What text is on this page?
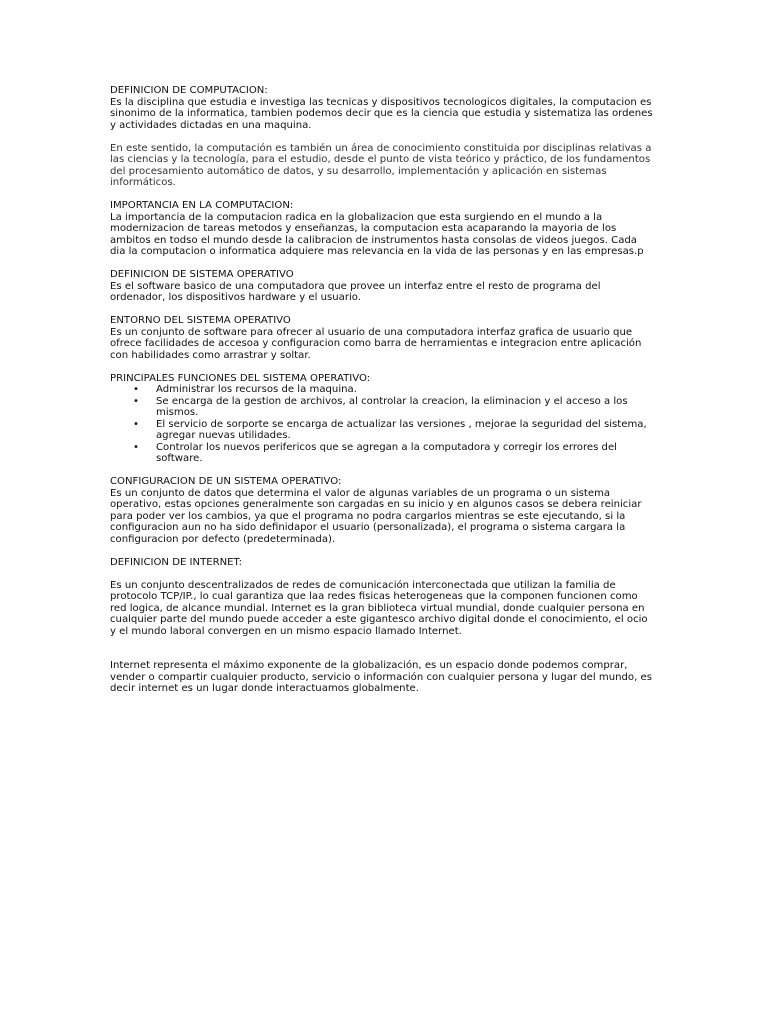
DEFINICION DE COMPUTACION:
Es la disciplina que estudia e investiga las tecnicas y dispositivos tecnologicos digitales, la computacion es sinonimo de la informatica, tambien podemos decir que es la ciencia que estudia y sistematiza las ordenes y actividades dictadas en una maquina.

En este sentido, la computación es también un área de conocimiento constituida por disciplinas relativas a las ciencias y la tecnología, para el estudio, desde el punto de vista teórico y práctico, de los fundamentos del procesamiento automático de datos, y su desarrollo, implementación y aplicación en sistemas informáticos.

IMPORTANCIA EN LA COMPUTACION:
La importancia de la computacion radica en la globalizacion que esta surgiendo en el mundo a la modernizacion de tareas metodos y enseñanzas, la computacion esta acaparando la mayoria de los ambitos en todso el mundo desde la calibracion de instrumentos hasta consolas de videos juegos. Cada dia la computacion o informatica adquiere mas relevancia en la vida de las personas y en las empresas.p

DEFINICION DE SISTEMA OPERATIVO
Es el software basico de una computadora que provee un interfaz entre el resto de programa del ordenador, los dispositivos hardware y el usuario.

ENTORNO DEL SISTEMA OPERATIVO
Es un conjunto de software para ofrecer al usuario de una computadora interfaz grafica de usuario que ofrece facilidades de accesoa y configuracion como barra de herramientas e integracion entre aplicación con habilidades como arrastrar y soltar.

PRINCIPALES FUNCIONES DEL SISTEMA OPERATIVO:

• Administrar los recursos de la maquina.
• Se encarga de la gestion de archivos, al controlar la creacion, la eliminacion y el acceso a los mismos.
• El servicio de sorporte se encarga de actualizar las versiones , mejorae la seguridad del sistema, agregar nuevas utilidades.
• Controlar los nuevos perifericos que se agregan a la computadora y corregir los errores del software.

CONFIGURACION DE UN SISTEMA OPERATIVO:
Es un conjunto de datos que determina el valor de algunas variables de un programa o un sistema operativo, estas opciones generalmente son cargadas en su inicio y en algunos casos se debera reiniciar para poder ver los cambios, ya que el programa no podra cargarlos mientras se este ejecutando, si la configuracion aun no ha sido definidapor el usuario (personalizada), el programa o sistema cargara la configuracion por defecto (predeterminada).

DEFINICION DE INTERNET:

Es un conjunto descentralizados de redes de comunicación interconectada que utilizan la familia de protocolo TCP/IP., lo cual garantiza que laa redes fisicas heterogeneas que la componen funcionen como red logica, de alcance mundial. Internet es la gran biblioteca virtual mundial, donde cualquier persona en cualquier parte del mundo puede acceder a este gigantesco archivo digital donde el conocimiento, el ocio y el mundo laboral convergen en un mismo espacio llamado Internet.

Internet representa el máximo exponente de la globalización, es un espacio donde podemos comprar, vender o compartir cualquier producto, servicio o información con cualquier persona y lugar del mundo, es decir internet es un lugar donde interactuamos globalmente.
